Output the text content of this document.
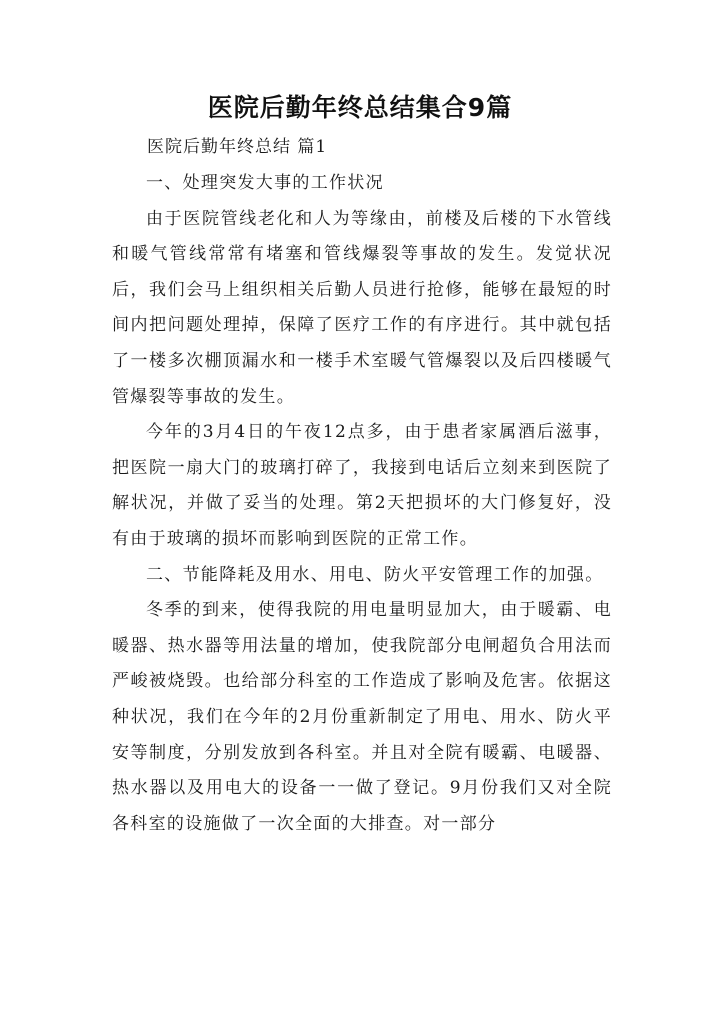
医院后勤年终总结集合9篇
医院后勤年终总结 篇1

一、处理突发大事的工作状况

由于医院管线老化和人为等缘由，前楼及后楼的下水管线和暖气管线常常有堵塞和管线爆裂等事故的发生。发觉状况后，我们会马上组织相关后勤人员进行抢修，能够在最短的时间内把问题处理掉，保障了医疗工作的有序进行。其中就包括了一楼多次棚顶漏水和一楼手术室暖气管爆裂以及后四楼暖气管爆裂等事故的发生。

今年的3月4日的午夜12点多，由于患者家属酒后滋事，把医院一扇大门的玻璃打碎了，我接到电话后立刻来到医院了解状况，并做了妥当的处理。第2天把损坏的大门修复好，没有由于玻璃的损坏而影响到医院的正常工作。

二、节能降耗及用水、用电、防火平安管理工作的加强。

冬季的到来，使得我院的用电量明显加大，由于暖霸、电暖器、热水器等用法量的增加，使我院部分电闸超负合用法而严峻被烧毁。也给部分科室的工作造成了影响及危害。依据这种状况，我们在今年的2月份重新制定了用电、用水、防火平安等制度，分别发放到各科室。并且对全院有暖霸、电暖器、热水器以及用电大的设备一一做了登记。9月份我们又对全院各科室的设施做了一次全面的大排查。对一部分
